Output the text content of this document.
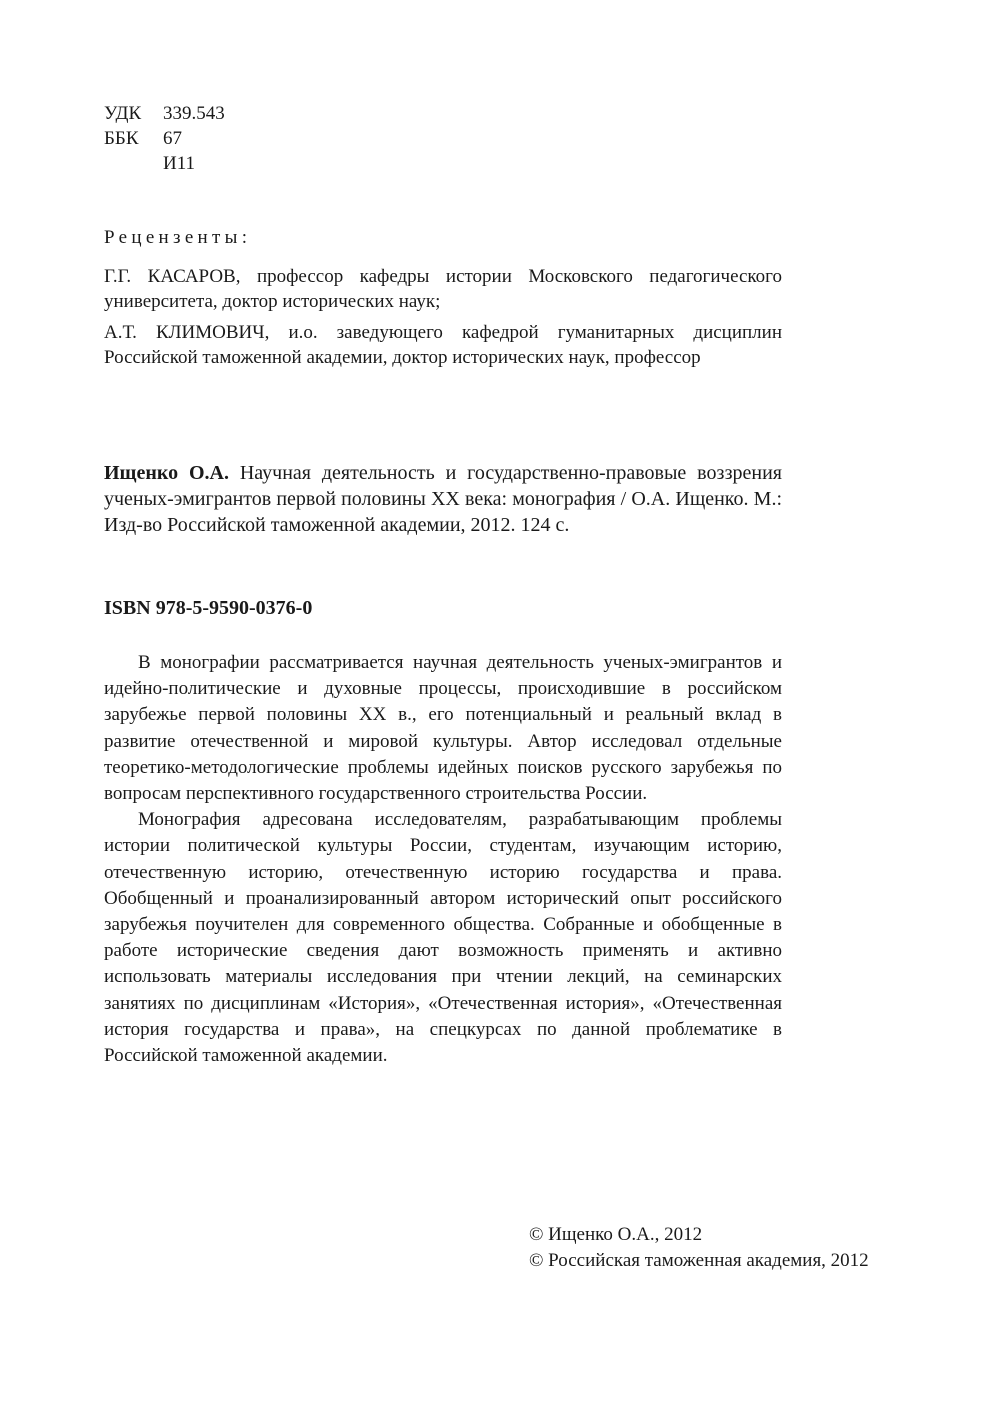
УДК	339.543
ББК	67
И11
Рецензенты:
Г.Г. КАСАРОВ, профессор кафедры истории Московского педагогического университета, доктор исторических наук;
А.Т. КЛИМОВИЧ, и.о. заведующего кафедрой гуманитарных дисциплин Российской таможенной академии, доктор исторических наук, профессор
Ищенко О.А. Научная деятельность и государственно-правовые воззрения ученых-эмигрантов первой половины XX века: монография / О.А. Ищенко. М.: Изд-во Российской таможенной академии, 2012. 124 с.
ISBN 978-5-9590-0376-0

В монографии рассматривается научная деятельность ученых-эмигрантов и идейно-политические и духовные процессы, происходившие в российском зарубежье первой половины XX в., его потенциальный и реальный вклад в развитие отечественной и мировой культуры. Автор исследовал отдельные теоретико-методологические проблемы идейных поисков русского зарубежья по вопросам перспективного государственного строительства России.

Монография адресована исследователям, разрабатывающим проблемы истории политической культуры России, студентам, изучающим историю, отечественную историю, отечественную историю государства и права. Обобщенный и проанализированный автором исторический опыт российского зарубежья поучителен для современного общества. Собранные и обобщенные в работе исторические сведения дают возможность применять и активно использовать материалы исследования при чтении лекций, на семинарских занятиях по дисциплинам «История», «Отечественная история», «Отечественная история государства и права», на спецкурсах по данной проблематике в Российской таможенной академии.

© Ищенко О.А., 2012
© Российская таможенная академия, 2012
